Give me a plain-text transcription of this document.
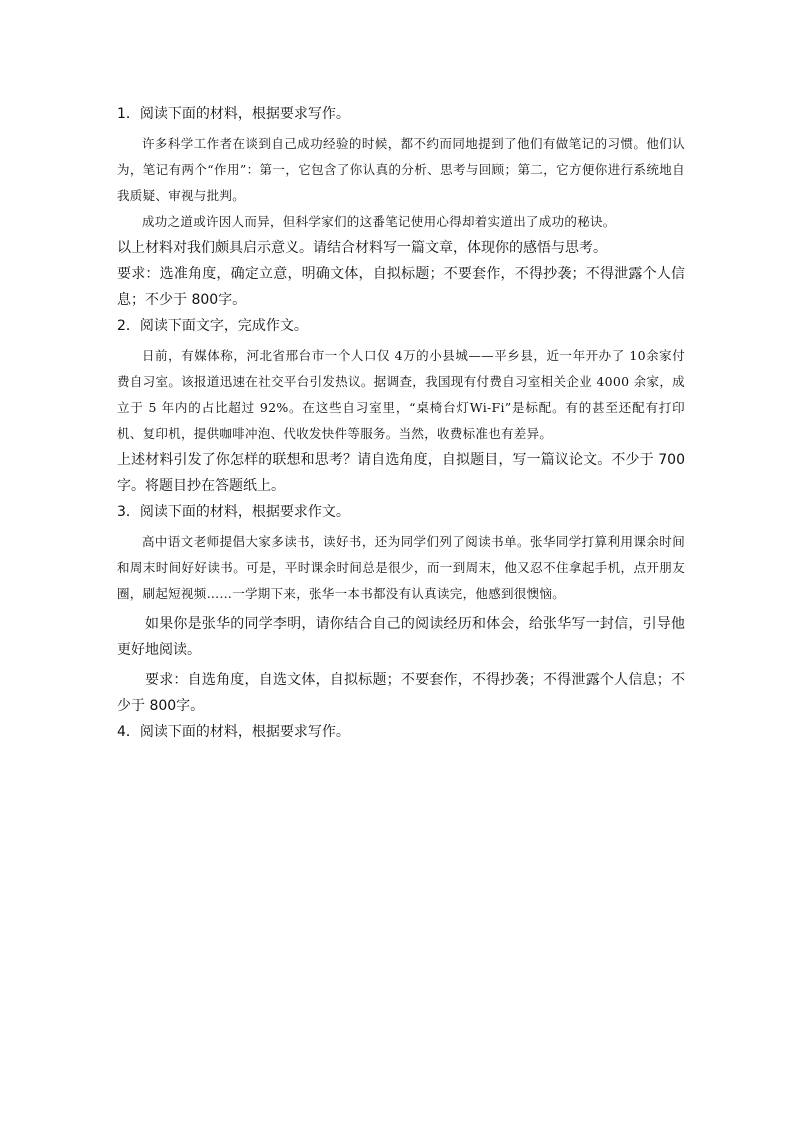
1．阅读下面的材料，根据要求写作。

许多科学工作者在谈到自己成功经验的时候，都不约而同地提到了他们有做笔记的习惯。他们认为，笔记有两个“作用”：第一，它包含了你认真的分析、思考与回顾；第二，它方便你进行系统地自我质疑、审视与批判。

成功之道或许因人而异，但科学家们的这番笔记使用心得却着实道出了成功的秘诀。

以上材料对我们颇具启示意义。请结合材料写一篇文章，体现你的感悟与思考。

要求：选准角度，确定立意，明确文体，自拟标题；不要套作，不得抄袭；不得泄露个人信息；不少于 800字。

2．阅读下面文字，完成作文。

日前，有媒体称，河北省邢台市一个人口仅 4万的小县城——平乡县，近一年开办了 10余家付费自习室。该报道迅速在社交平台引发热议。据调查，我国现有付费自习室相关企业 4000 余家，成立于 5 年内的占比超过 92%。在这些自习室里，“桌椅台灯Wi-Fi”是标配。有的甚至还配有打印机、复印机，提供咖啡冲泡、代收发快件等服务。当然，收费标准也有差异。

上述材料引发了你怎样的联想和思考？请自选角度，自拟题目，写一篇议论文。不少于 700字。将题目抄在答题纸上。

3．阅读下面的材料，根据要求作文。

高中语文老师提倡大家多读书，读好书，还为同学们列了阅读书单。张华同学打算利用课余时间和周末时间好好读书。可是，平时课余时间总是很少，而一到周末，他又忍不住拿起手机，点开朋友圈，刷起短视频……一学期下来，张华一本书都没有认真读完，他感到很懊恼。

如果你是张华的同学李明，请你结合自己的阅读经历和体会，给张华写一封信，引导他更好地阅读。

要求：自选角度，自选文体，自拟标题；不要套作，不得抄袭；不得泄露个人信息；不少于 800字。

4．阅读下面的材料，根据要求写作。
